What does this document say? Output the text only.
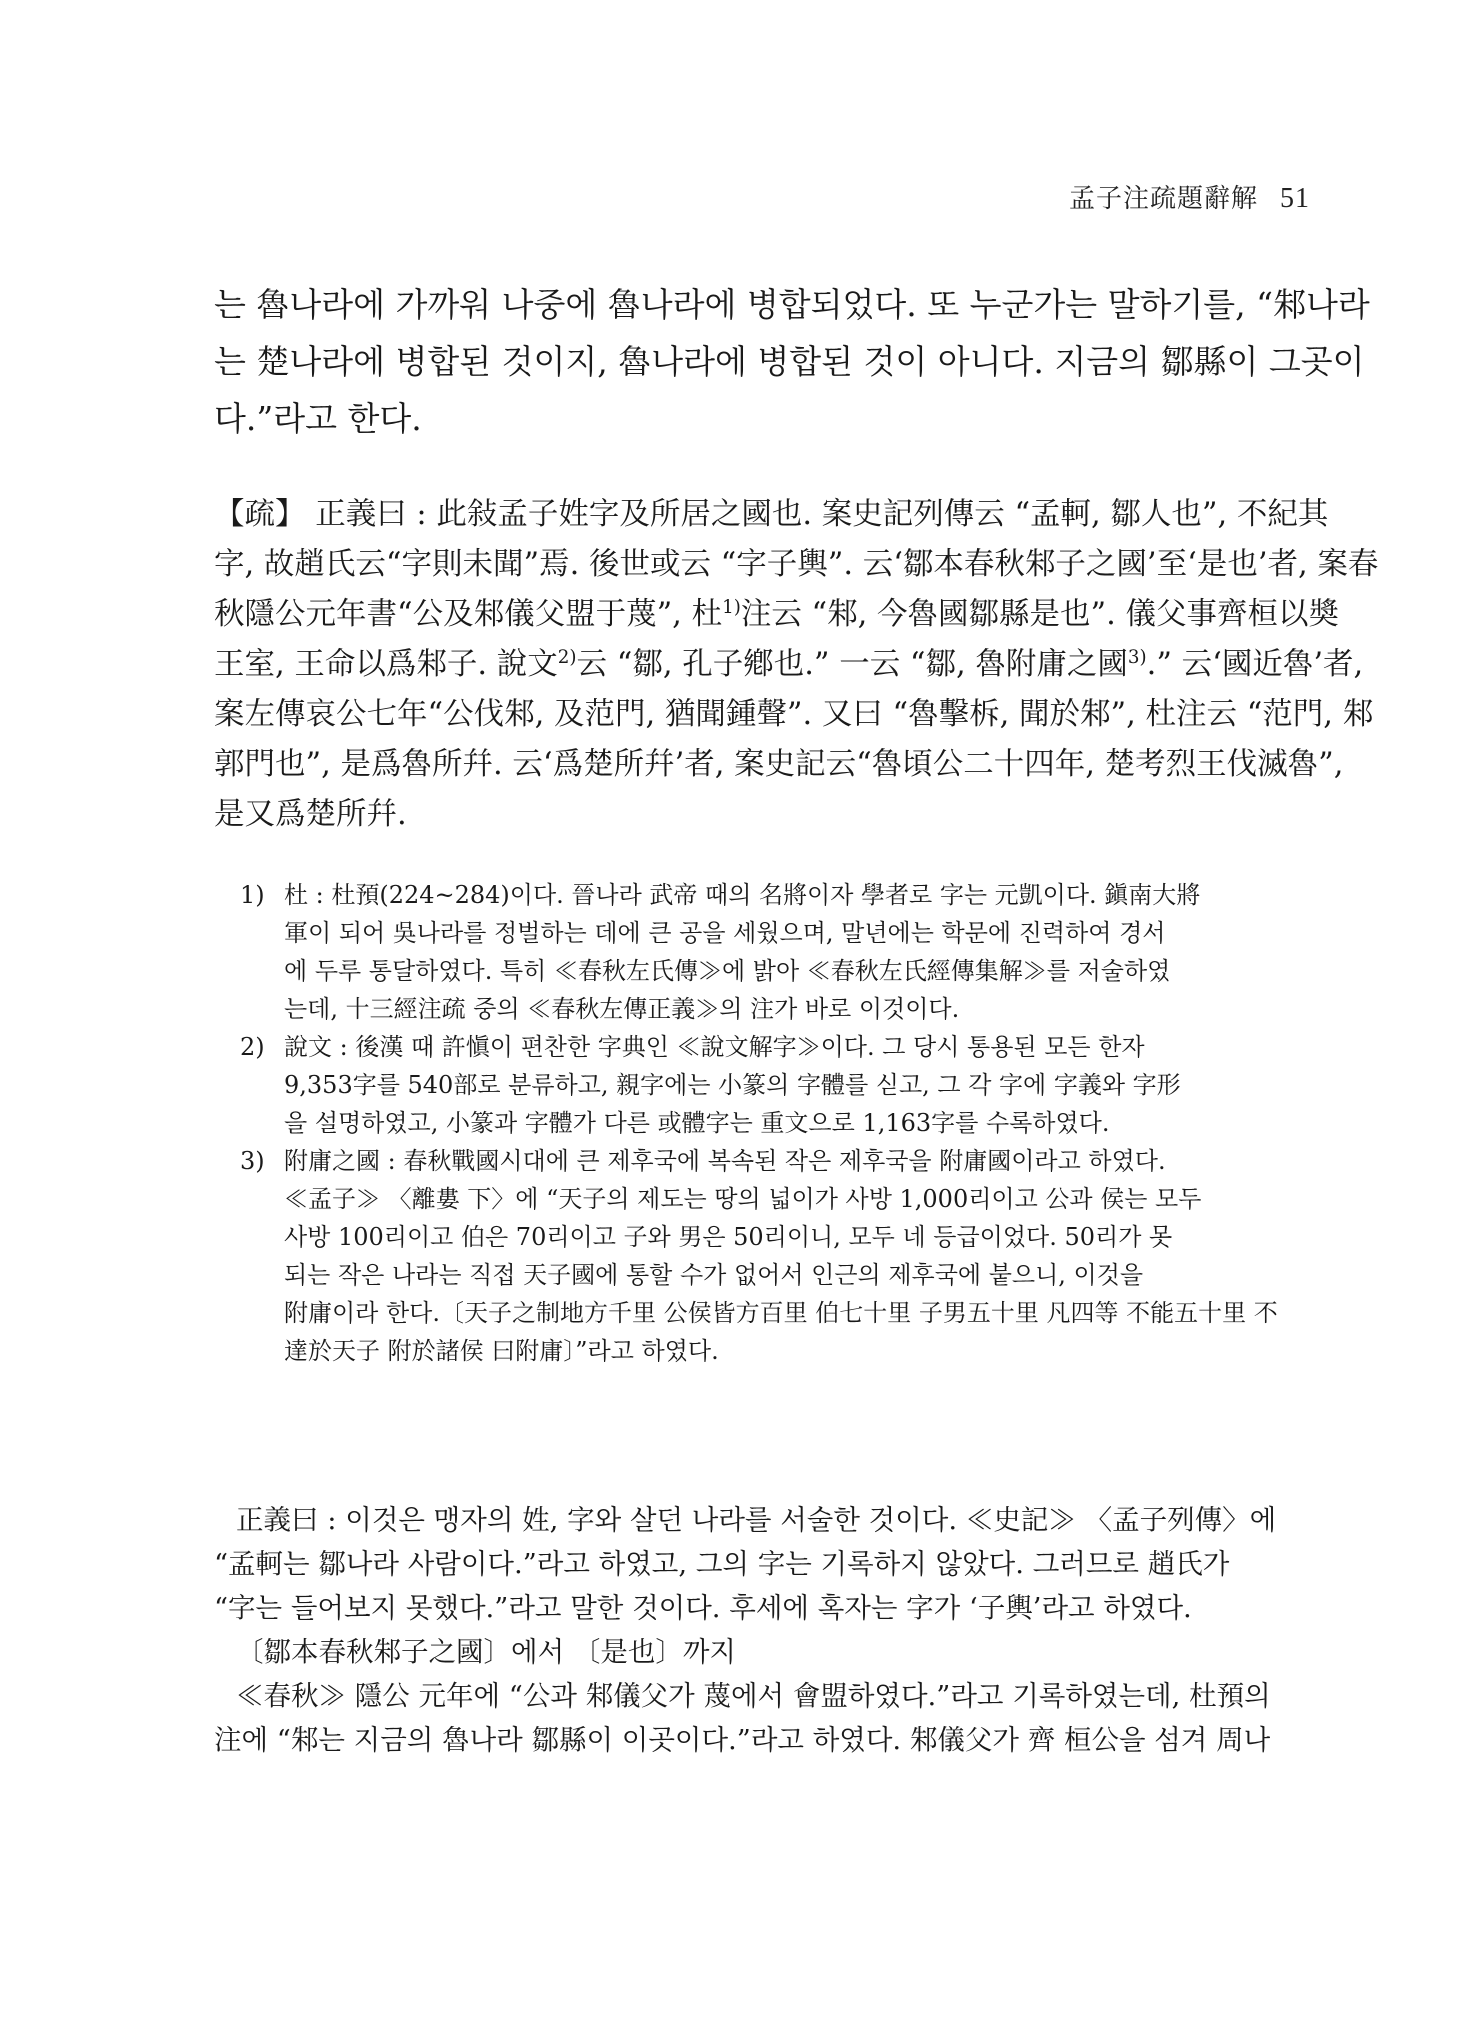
孟子注疏題辭解 51
는 魯나라에 가까워 나중에 魯나라에 병합되었다. 또 누군가는 말하기를, “邾나라
는 楚나라에 병합된 것이지, 魯나라에 병합된 것이 아니다. 지금의 鄒縣이 그곳이
다.”라고 한다.
【疏】 正義曰 : 此敍孟子姓字及所居之國也. 案史記列傳云 “孟軻, 鄒人也”, 不紀其
字, 故趙氏云“字則未聞”焉. 後世或云 “字子輿”. 云‘鄒本春秋邾子之國’至‘是也’者, 案春
秋隱公元年書“公及邾儀父盟于蔑”, 杜$^{1)}$注云 “邾, 今魯國鄒縣是也”. 儀父事齊桓以奬
王室, 王命以爲邾子. 說文$^{2)}$云 “鄒, 孔子鄕也.” 一云 “鄒, 魯附庸之國$^{3)}$.” 云‘國近魯’者,
案左傳哀公七年“公伐邾, 及范門, 猶聞鍾聲”. 又曰 “魯擊柝, 聞於邾”, 杜注云 “范門, 邾
郭門也”, 是爲魯所幷. 云‘爲楚所幷’者, 案史記云“魯頃公二十四年, 楚考烈王伐滅魯”,
是又爲楚所幷.
1) 杜 : 杜預(224~284)이다. 晉나라 武帝 때의 名將이자 學者로 字는 元凱이다. 鎭南大將
軍이 되어 吳나라를 정벌하는 데에 큰 공을 세웠으며, 말년에는 학문에 진력하여 경서
에 두루 통달하였다. 특히 ≪春秋左氏傳≫에 밝아 ≪春秋左氏經傳集解≫를 저술하였
는데, 十三經注疏 중의 ≪春秋左傳正義≫의 注가 바로 이것이다.
2) 說文 : 後漢 때 許愼이 편찬한 字典인 ≪說文解字≫이다. 그 당시 통용된 모든 한자
9,353字를 540部로 분류하고, 親字에는 小篆의 字體를 싣고, 그 각 字에 字義와 字形
을 설명하였고, 小篆과 字體가 다른 或體字는 重文으로 1,163字를 수록하였다.
3) 附庸之國 : 春秋戰國시대에 큰 제후국에 복속된 작은 제후국을 附庸國이라고 하였다.
≪孟子≫ 〈離婁 下〉에 “天子의 제도는 땅의 넓이가 사방 1,000리이고 公과 侯는 모두
사방 100리이고 伯은 70리이고 子와 男은 50리이니, 모두 네 등급이었다. 50리가 못
되는 작은 나라는 직접 天子國에 통할 수가 없어서 인근의 제후국에 붙으니, 이것을
附庸이라 한다.〔天子之制地方千里 公侯皆方百里 伯七十里 子男五十里 凡四等 不能五十里 不
達於天子 附於諸侯 曰附庸〕”라고 하였다.
正義曰 : 이것은 맹자의 姓, 字와 살던 나라를 서술한 것이다. ≪史記≫ 〈孟子列傳〉에
“孟軻는 鄒나라 사람이다.”라고 하였고, 그의 字는 기록하지 않았다. 그러므로 趙氏가
“字는 들어보지 못했다.”라고 말한 것이다. 후세에 혹자는 字가 ‘子輿’라고 하였다.
〔鄒本春秋邾子之國〕에서 〔是也〕까지
≪春秋≫ 隱公 元年에 “公과 邾儀父가 蔑에서 會盟하였다.”라고 기록하였는데, 杜預의
注에 “邾는 지금의 魯나라 鄒縣이 이곳이다.”라고 하였다. 邾儀父가 齊 桓公을 섬겨 周나
